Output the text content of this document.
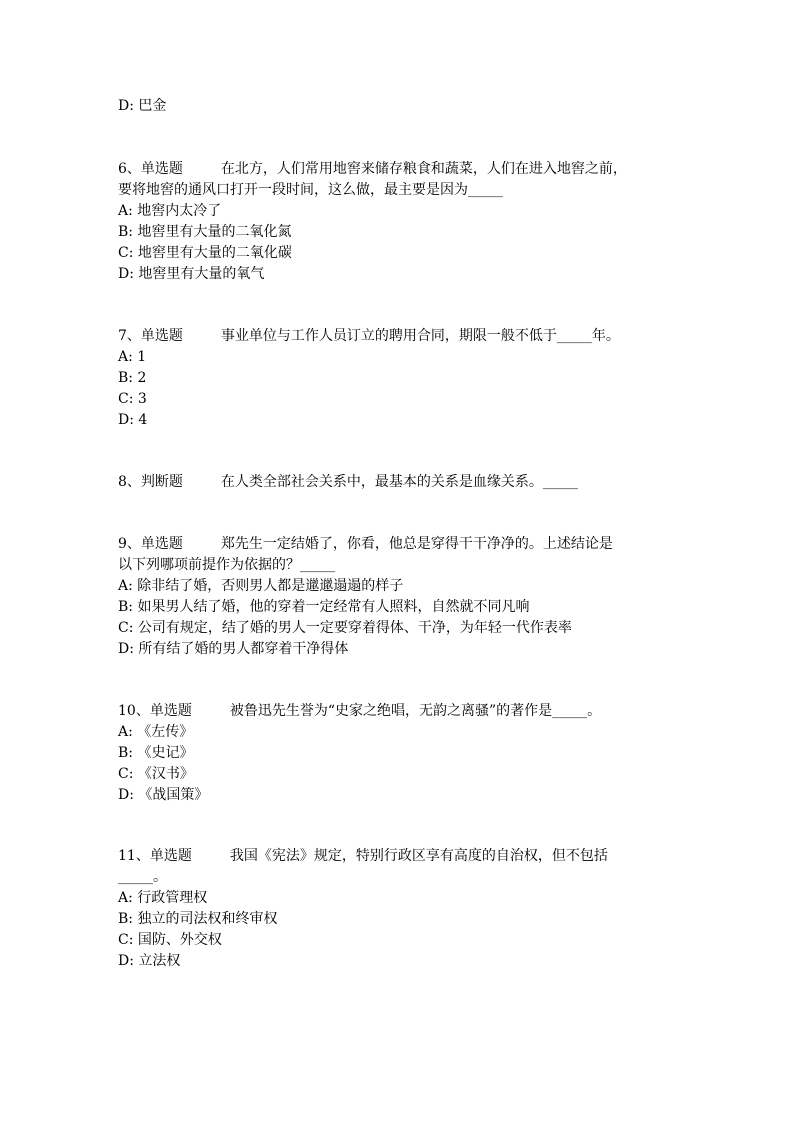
D: 巴金
6、单选题	在北方，人们常用地窖来储存粮食和蔬菜，人们在进入地窖之前，
要将地窖的通风口打开一段时间，这么做，最主要是因为_____
A: 地窖内太冷了
B: 地窖里有大量的二氧化氮
C: 地窖里有大量的二氧化碳
D: 地窖里有大量的氧气
7、单选题	事业单位与工作人员订立的聘用合同，期限一般不低于_____年。
A: 1
B: 2
C: 3
D: 4
8、判断题	在人类全部社会关系中，最基本的关系是血缘关系。_____
9、单选题	郑先生一定结婚了，你看，他总是穿得干干净净的。上述结论是
以下列哪项前提作为依据的？_____
A: 除非结了婚，否则男人都是邋邋遢遢的样子
B: 如果男人结了婚，他的穿着一定经常有人照料，自然就不同凡响
C: 公司有规定，结了婚的男人一定要穿着得体、干净，为年轻一代作表率
D: 所有结了婚的男人都穿着干净得体
10、单选题	被鲁迅先生誉为“史家之绝唱，无韵之离骚”的著作是_____。
A: 《左传》
B: 《史记》
C: 《汉书》
D: 《战国策》
11、单选题	我国《宪法》规定，特别行政区享有高度的自治权，但不包括
_____。
A: 行政管理权
B: 独立的司法权和终审权
C: 国防、外交权
D: 立法权
